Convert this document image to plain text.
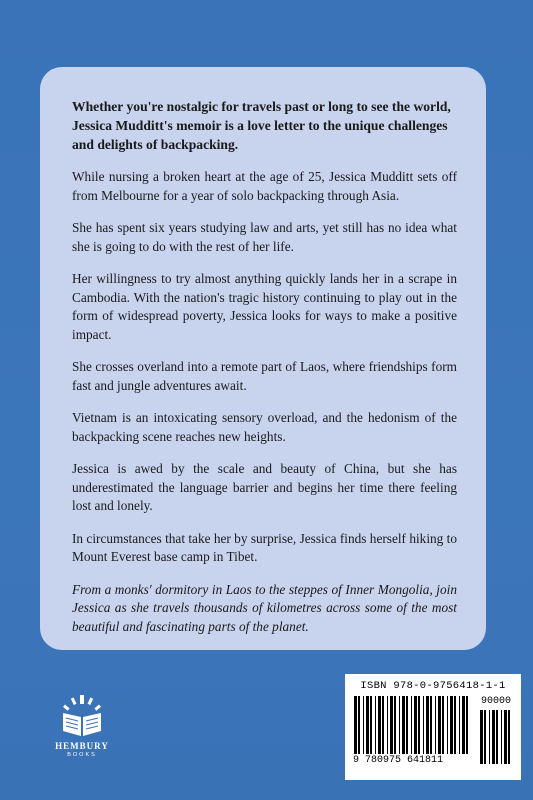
Whether you're nostalgic for travels past or long to see the world, Jessica Mudditt's memoir is a love letter to the unique challenges and delights of backpacking.

While nursing a broken heart at the age of 25, Jessica Mudditt sets off from Melbourne for a year of solo backpacking through Asia.

She has spent six years studying law and arts, yet still has no idea what she is going to do with the rest of her life.

Her willingness to try almost anything quickly lands her in a scrape in Cambodia. With the nation's tragic history continuing to play out in the form of widespread poverty, Jessica looks for ways to make a positive impact.

She crosses overland into a remote part of Laos, where friendships form fast and jungle adventures await.

Vietnam is an intoxicating sensory overload, and the hedonism of the backpacking scene reaches new heights.

Jessica is awed by the scale and beauty of China, but she has underestimated the language barrier and begins her time there feeling lost and lonely.

In circumstances that take her by surprise, Jessica finds herself hiking to Mount Everest base camp in Tibet.

From a monks' dormitory in Laos to the steppes of Inner Mongolia, join Jessica as she travels thousands of kilometres across some of the most beautiful and fascinating parts of the planet.

HEMBURY
BOOKS
ISBN 978-0-9756418-1-1
9 780975 641811
90000
